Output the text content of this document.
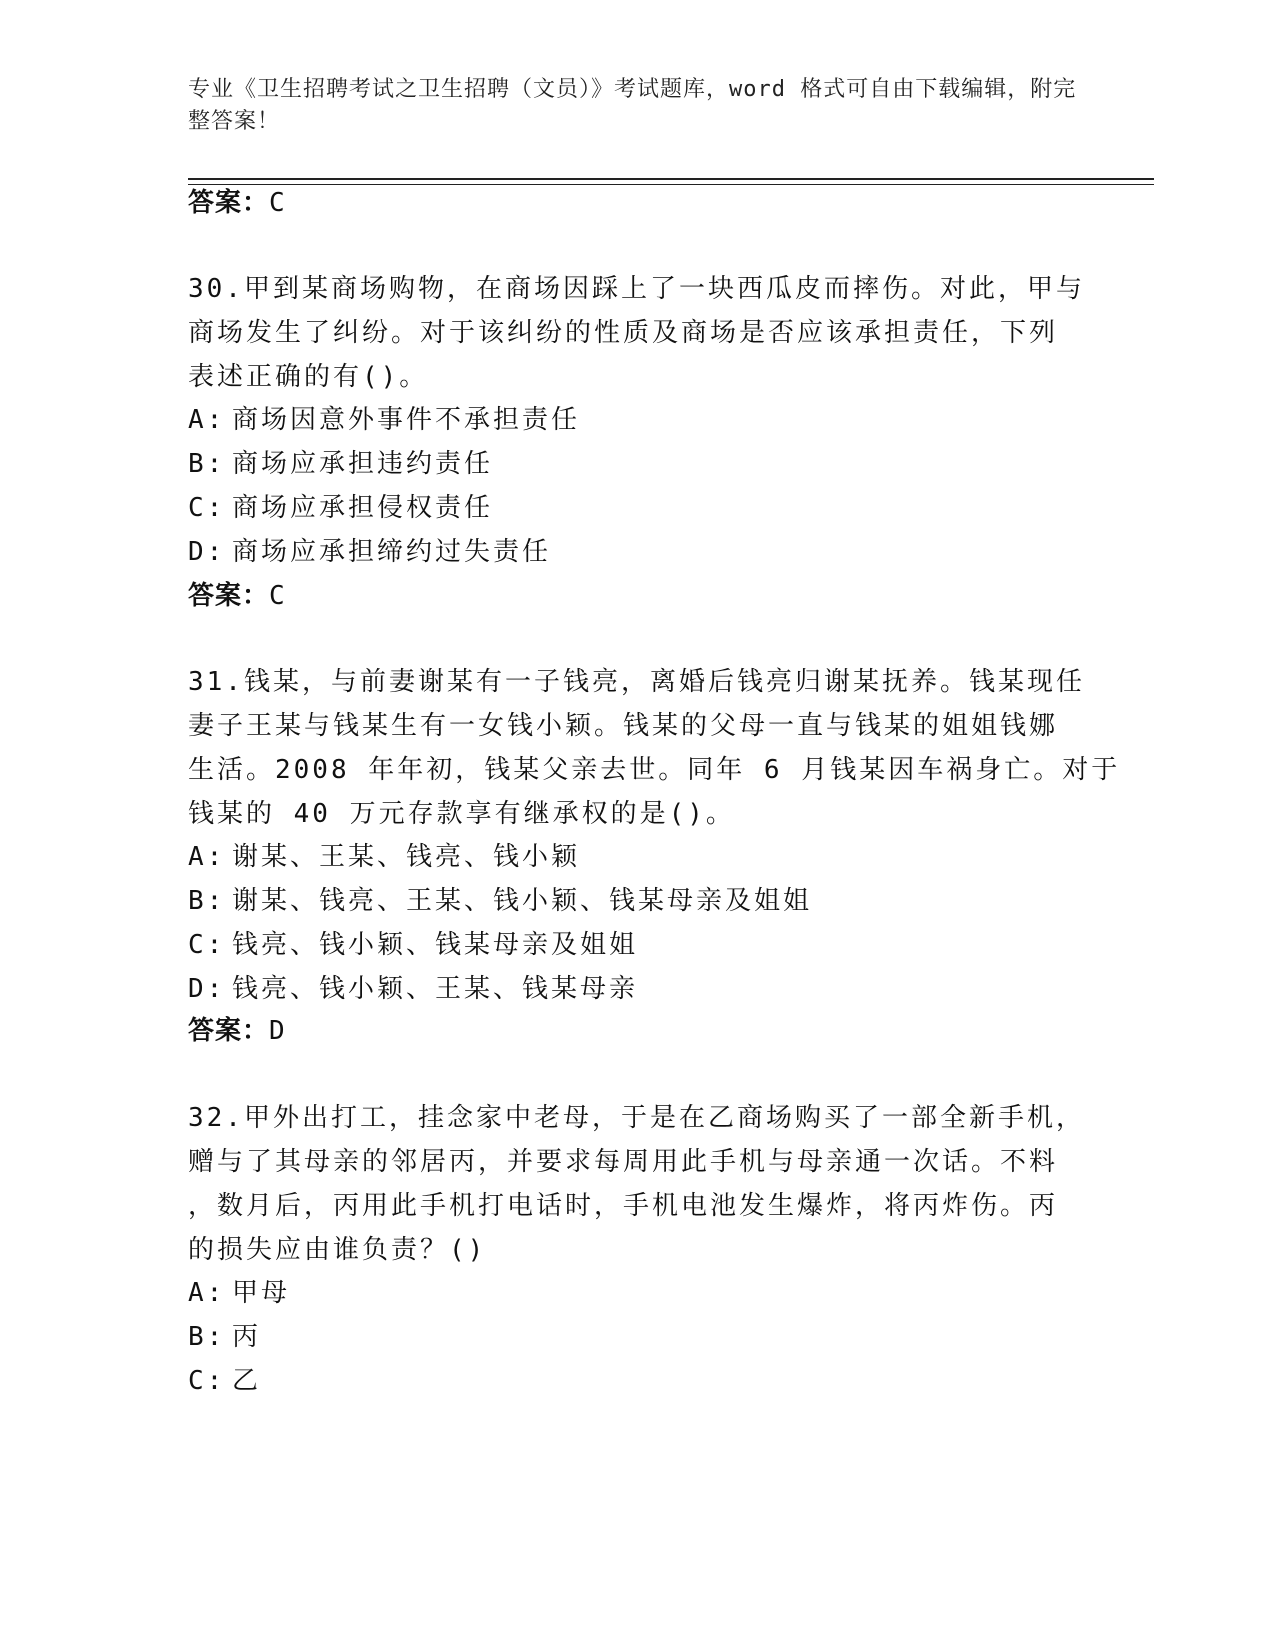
专业《卫生招聘考试之卫生招聘（文员）》考试题库，word 格式可自由下载编辑，附完整答案！
答案：C
30.甲到某商场购物，在商场因踩上了一块西瓜皮而摔伤。对此，甲与
商场发生了纠纷。对于该纠纷的性质及商场是否应该承担责任，下列
表述正确的有()。
A: 商场因意外事件不承担责任
B: 商场应承担违约责任
C: 商场应承担侵权责任
D: 商场应承担缔约过失责任
答案：C
31.钱某，与前妻谢某有一子钱亮，离婚后钱亮归谢某抚养。钱某现任
妻子王某与钱某生有一女钱小颖。钱某的父母一直与钱某的姐姐钱娜
生活。2008 年年初，钱某父亲去世。同年 6 月钱某因车祸身亡。对于
钱某的 40 万元存款享有继承权的是()。
A: 谢某、王某、钱亮、钱小颖
B: 谢某、钱亮、王某、钱小颖、钱某母亲及姐姐
C: 钱亮、钱小颖、钱某母亲及姐姐
D: 钱亮、钱小颖、王某、钱某母亲
答案：D
32.甲外出打工，挂念家中老母，于是在乙商场购买了一部全新手机，
赠与了其母亲的邻居丙，并要求每周用此手机与母亲通一次话。不料
，数月后，丙用此手机打电话时，手机电池发生爆炸，将丙炸伤。丙
的损失应由谁负责？()
A: 甲母
B: 丙
C: 乙
